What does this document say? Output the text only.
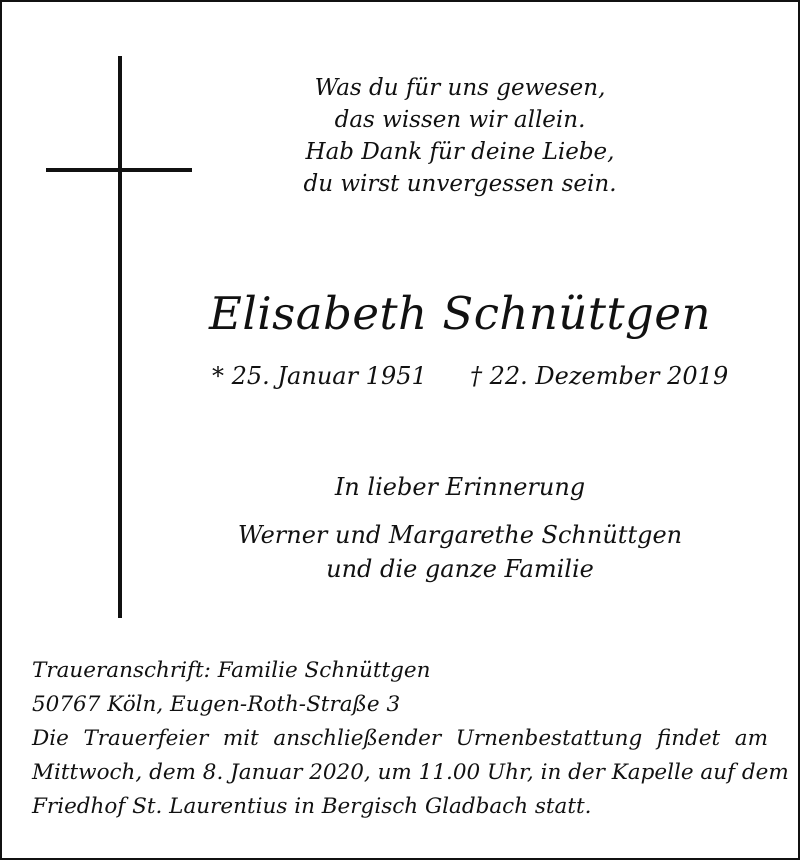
Was du für uns gewesen,
das wissen wir allein.
Hab Dank für deine Liebe,
du wirst unvergessen sein.
Elisabeth Schnüttgen
* 25. Januar 1951 † 22. Dezember 2019
In lieber Erinnerung
Werner und Margarethe Schnüttgen
und die ganze Familie
Traueranschrift: Familie Schnüttgen
50767 Köln, Eugen-Roth-Straße 3
Die Trauerfeier mit anschließender Urnenbestattung findet am
Mittwoch, dem 8. Januar 2020, um 11.00 Uhr, in der Kapelle auf dem
Friedhof St. Laurentius in Bergisch Gladbach statt.
